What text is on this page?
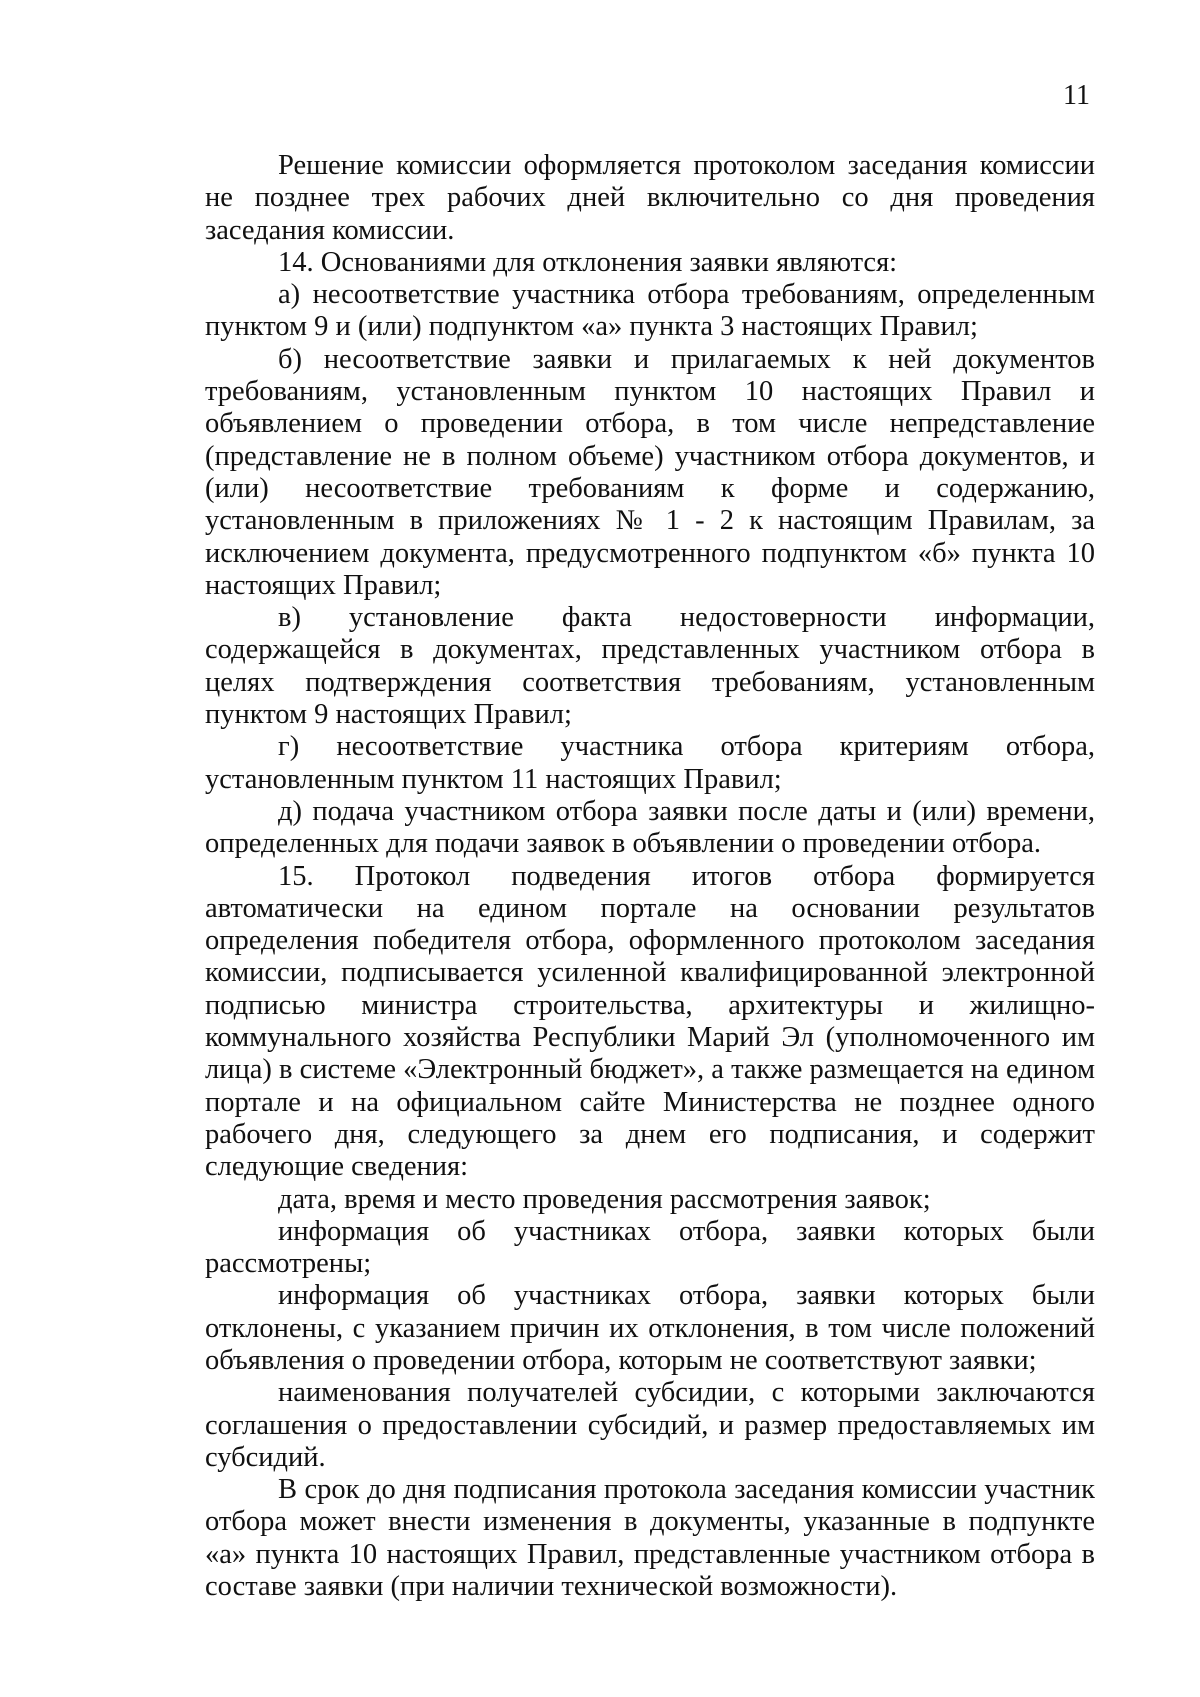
11

Решение комиссии оформляется протоколом заседания комиссии не позднее трех рабочих дней включительно со дня проведения заседания комиссии.

14. Основаниями для отклонения заявки являются:

а) несоответствие участника отбора требованиям, определенным пунктом 9 и (или) подпунктом «а» пункта 3 настоящих Правил;

б) несоответствие заявки и прилагаемых к ней документов требованиям, установленным пунктом 10 настоящих Правил и объявлением о проведении отбора, в том числе непредставление (представление не в полном объеме) участником отбора документов, и (или) несоответствие требованиям к форме и содержанию, установленным в приложениях № 1 - 2 к настоящим Правилам, за исключением документа, предусмотренного подпунктом «б» пункта 10 настоящих Правил;

в) установление факта недостоверности информации, содержащейся в документах, представленных участником отбора в целях подтверждения соответствия требованиям, установленным пунктом 9 настоящих Правил;

г) несоответствие участника отбора критериям отбора, установленным пунктом 11 настоящих Правил;

д) подача участником отбора заявки после даты и (или) времени, определенных для подачи заявок в объявлении о проведении отбора.

15. Протокол подведения итогов отбора формируется автоматически на едином портале на основании результатов определения победителя отбора, оформленного протоколом заседания комиссии, подписывается усиленной квалифицированной электронной подписью министра строительства, архитектуры и жилищно-коммунального хозяйства Республики Марий Эл (уполномоченного им лица) в системе «Электронный бюджет», а также размещается на едином портале и на официальном сайте Министерства не позднее одного рабочего дня, следующего за днем его подписания, и содержит следующие сведения:

дата, время и место проведения рассмотрения заявок;

информация об участниках отбора, заявки которых были рассмотрены;

информация об участниках отбора, заявки которых были отклонены, с указанием причин их отклонения, в том числе положений объявления о проведении отбора, которым не соответствуют заявки;

наименования получателей субсидии, с которыми заключаются соглашения о предоставлении субсидий, и размер предоставляемых им субсидий.

В срок до дня подписания протокола заседания комиссии участник отбора может внести изменения в документы, указанные в подпункте «а» пункта 10 настоящих Правил, представленные участником отбора в составе заявки (при наличии технической возможности).
